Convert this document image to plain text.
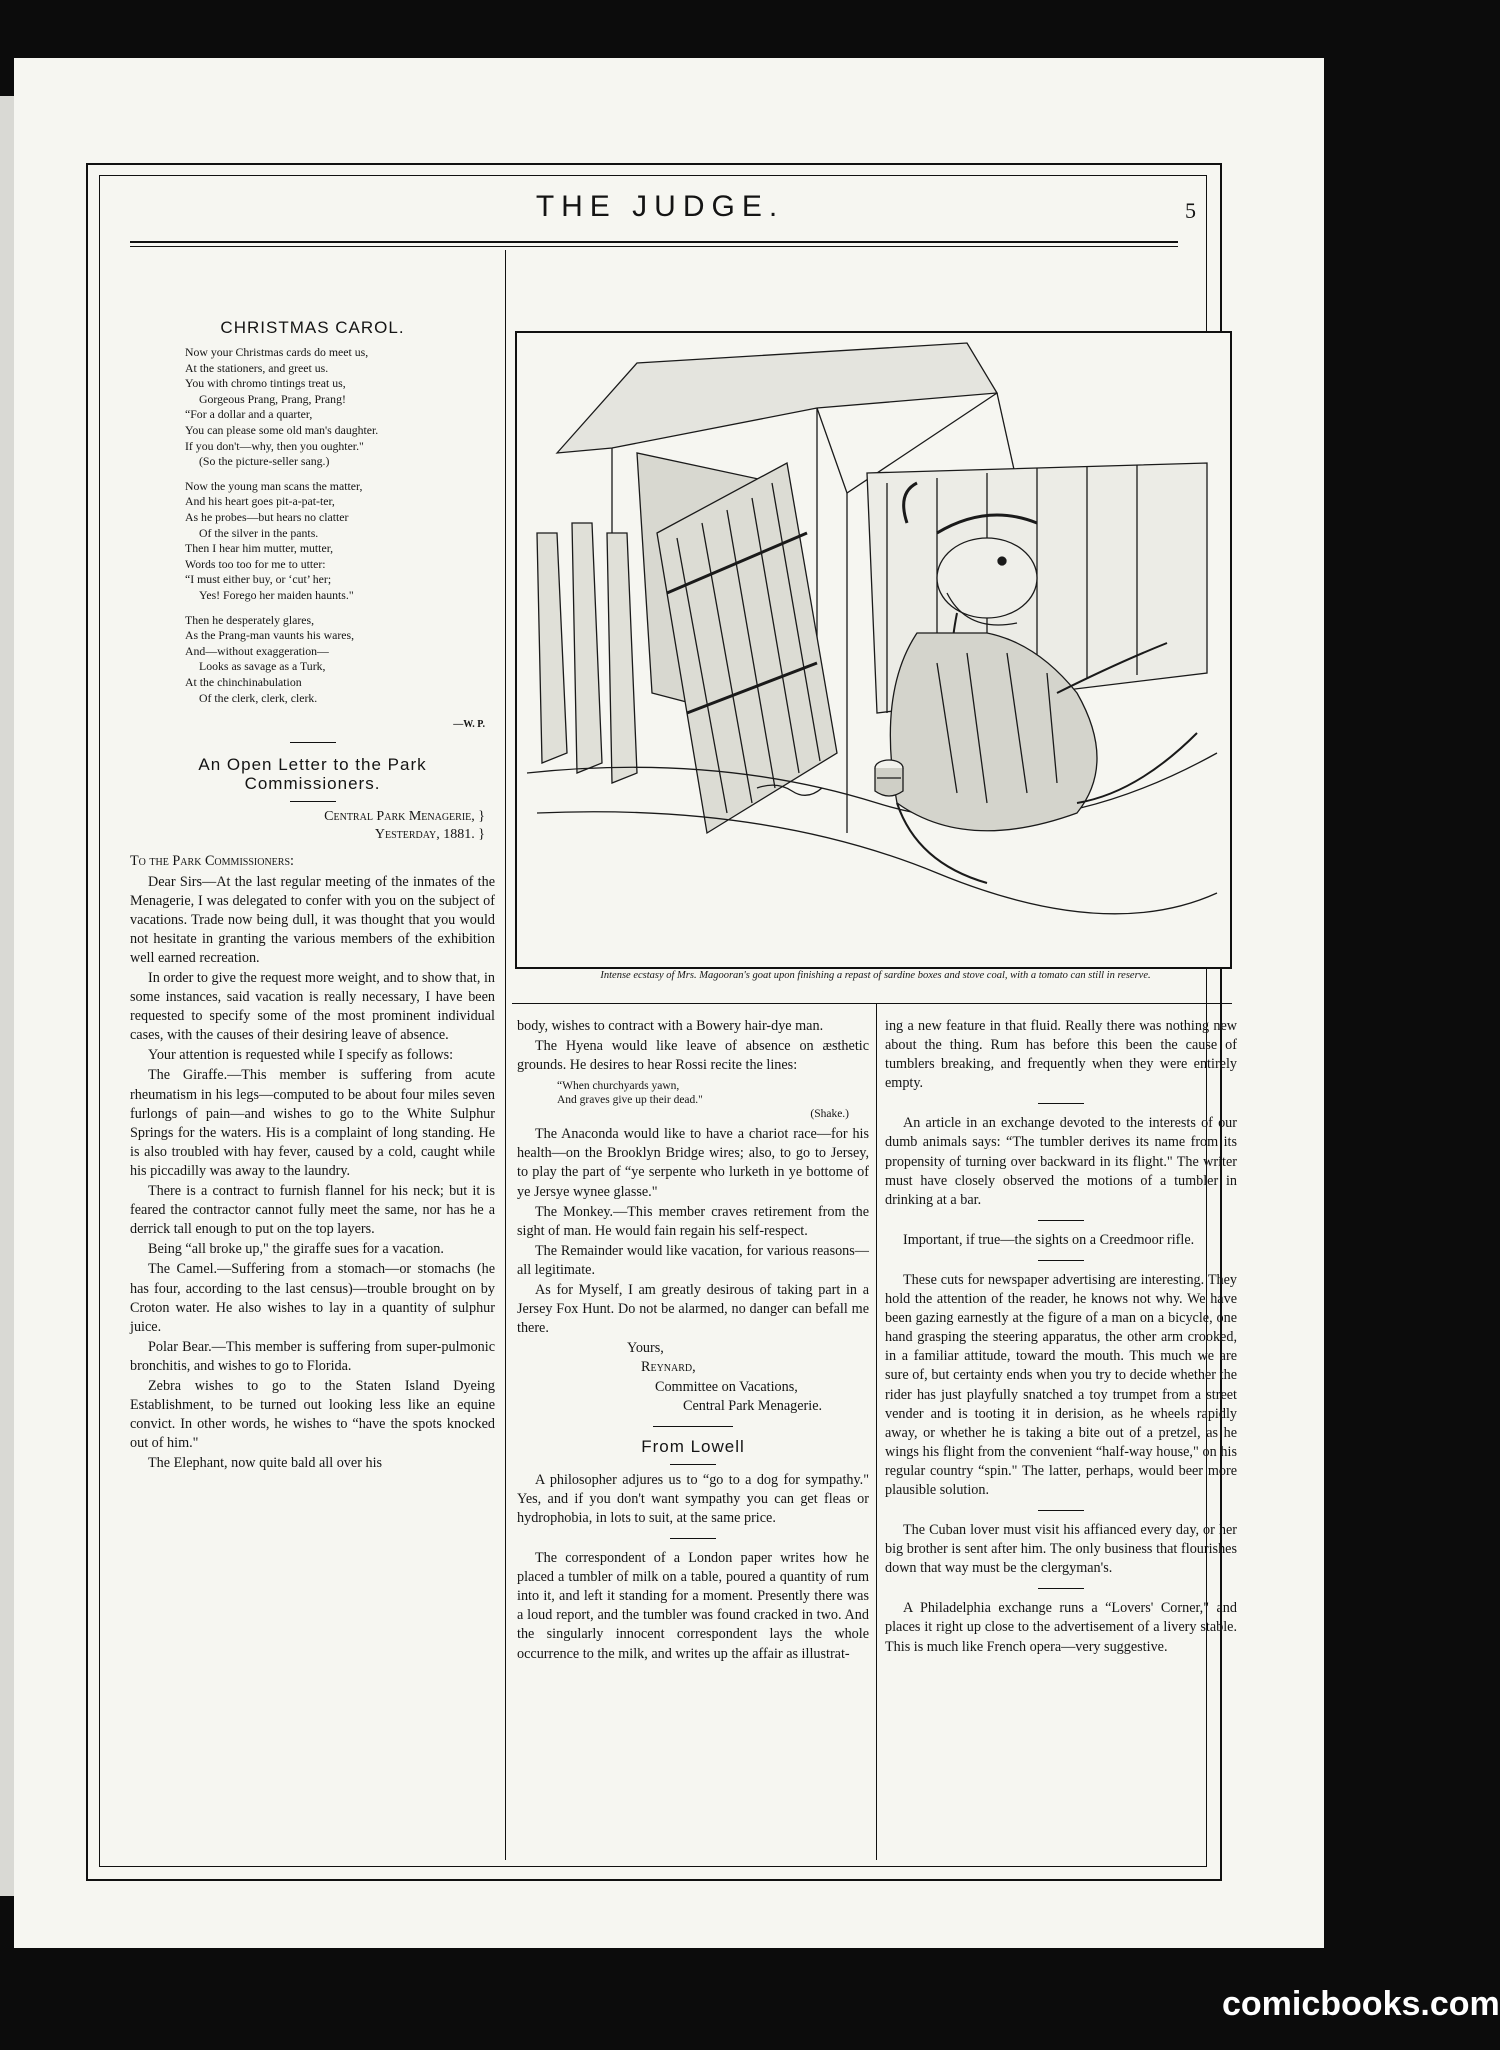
THE JUDGE.	5
CHRISTMAS CAROL.
Now your Christmas cards do meet us,
At the stationers, and greet us.
You with chromo tintings treat us,
Gorgeous Prang, Prang, Prang!
“For a dollar and a quarter,
You can please some old man's daughter.
If you don't—why, then you oughter."
(So the picture-seller sang.)
Now the young man scans the matter,
And his heart goes pit-a-pat-ter,
As he probes—but hears no clatter
Of the silver in the pants.
Then I hear him mutter, mutter,
Words too too for me to utter:
“I must either buy, or ‘cut’ her;
Yes! Forego her maiden haunts."
Then he desperately glares,
As the Prang-man vaunts his wares,
And—without exaggeration—
Looks as savage as a Turk,
At the chinchinabulation
Of the clerk, clerk, clerk.
—W. P.
An Open Letter to the Park Commissioners.
Central Park Menagerie, }
Yesterday, 1881. }

To the Park Commissioners:

Dear Sirs—At the last regular meeting of the inmates of the Menagerie, I was delegated to confer with you on the subject of vacations. Trade now being dull, it was thought that you would not hesitate in granting the various members of the exhibition well earned recreation.

In order to give the request more weight, and to show that, in some instances, said vacation is really necessary, I have been requested to specify some of the most prominent individual cases, with the causes of their desiring leave of absence.

Your attention is requested while I specify as follows:

The Giraffe.—This member is suffering from acute rheumatism in his legs—computed to be about four miles seven furlongs of pain—and wishes to go to the White Sulphur Springs for the waters. His is a complaint of long standing. He is also troubled with hay fever, caused by a cold, caught while his piccadilly was away to the laundry.

There is a contract to furnish flannel for his neck; but it is feared the contractor cannot fully meet the same, nor has he a derrick tall enough to put on the top layers.

Being “all broke up," the giraffe sues for a vacation.

The Camel.—Suffering from a stomach—or stomachs (he has four, according to the last census)—trouble brought on by Croton water. He also wishes to lay in a quantity of sulphur juice.

Polar Bear.—This member is suffering from super-pulmonic bronchitis, and wishes to go to Florida.

Zebra wishes to go to the Staten Island Dyeing Establishment, to be turned out looking less like an equine convict. In other words, he wishes to “have the spots knocked out of him."

The Elephant, now quite bald all over his

Intense ecstasy of Mrs. Magooran's goat upon finishing a repast of sardine boxes and stove coal, with a tomato can still in reserve.

body, wishes to contract with a Bowery hair-dye man.

The Hyena would like leave of absence on æsthetic grounds. He desires to hear Rossi recite the lines:

“When churchyards yawn,
And graves give up their dead."
(Shake.)

The Anaconda would like to have a chariot race—for his health—on the Brooklyn Bridge wires; also, to go to Jersey, to play the part of “ye serpente who lurketh in ye bottome of ye Jersye wynee glasse."

The Monkey.—This member craves retirement from the sight of man. He would fain regain his self-respect.

The Remainder would like vacation, for various reasons—all legitimate.

As for Myself, I am greatly desirous of taking part in a Jersey Fox Hunt. Do not be alarmed, no danger can befall me there.

Yours,
Reynard,
Committee on Vacations,
Central Park Menagerie.
From Lowell

A philosopher adjures us to “go to a dog for sympathy." Yes, and if you don't want sympathy you can get fleas or hydrophobia, in lots to suit, at the same price.

The correspondent of a London paper writes how he placed a tumbler of milk on a table, poured a quantity of rum into it, and left it standing for a moment. Presently there was a loud report, and the tumbler was found cracked in two. And the singularly innocent correspondent lays the whole occurrence to the milk, and writes up the affair as illustrat-

ing a new feature in that fluid. Really there was nothing new about the thing. Rum has before this been the cause of tumblers breaking, and frequently when they were entirely empty.

An article in an exchange devoted to the interests of our dumb animals says: “The tumbler derives its name from its propensity of turning over backward in its flight." The writer must have closely observed the motions of a tumbler in drinking at a bar.

Important, if true—the sights on a Creedmoor rifle.

These cuts for newspaper advertising are interesting. They hold the attention of the reader, he knows not why. We have been gazing earnestly at the figure of a man on a bicycle, one hand grasping the steering apparatus, the other arm crooked, in a familiar attitude, toward the mouth. This much we are sure of, but certainty ends when you try to decide whether the rider has just playfully snatched a toy trumpet from a street vender and is tooting it in derision, as he wheels rapidly away, or whether he is taking a bite out of a pretzel, as he wings his flight from the convenient “half-way house," on his regular country “spin." The latter, perhaps, would beer more plausible solution.

The Cuban lover must visit his affianced every day, or her big brother is sent after him. The only business that flourishes down that way must be the clergyman's.

A Philadelphia exchange runs a “Lovers' Corner," and places it right up close to the advertisement of a livery stable. This is much like French opera—very suggestive.

comicbooks.com
